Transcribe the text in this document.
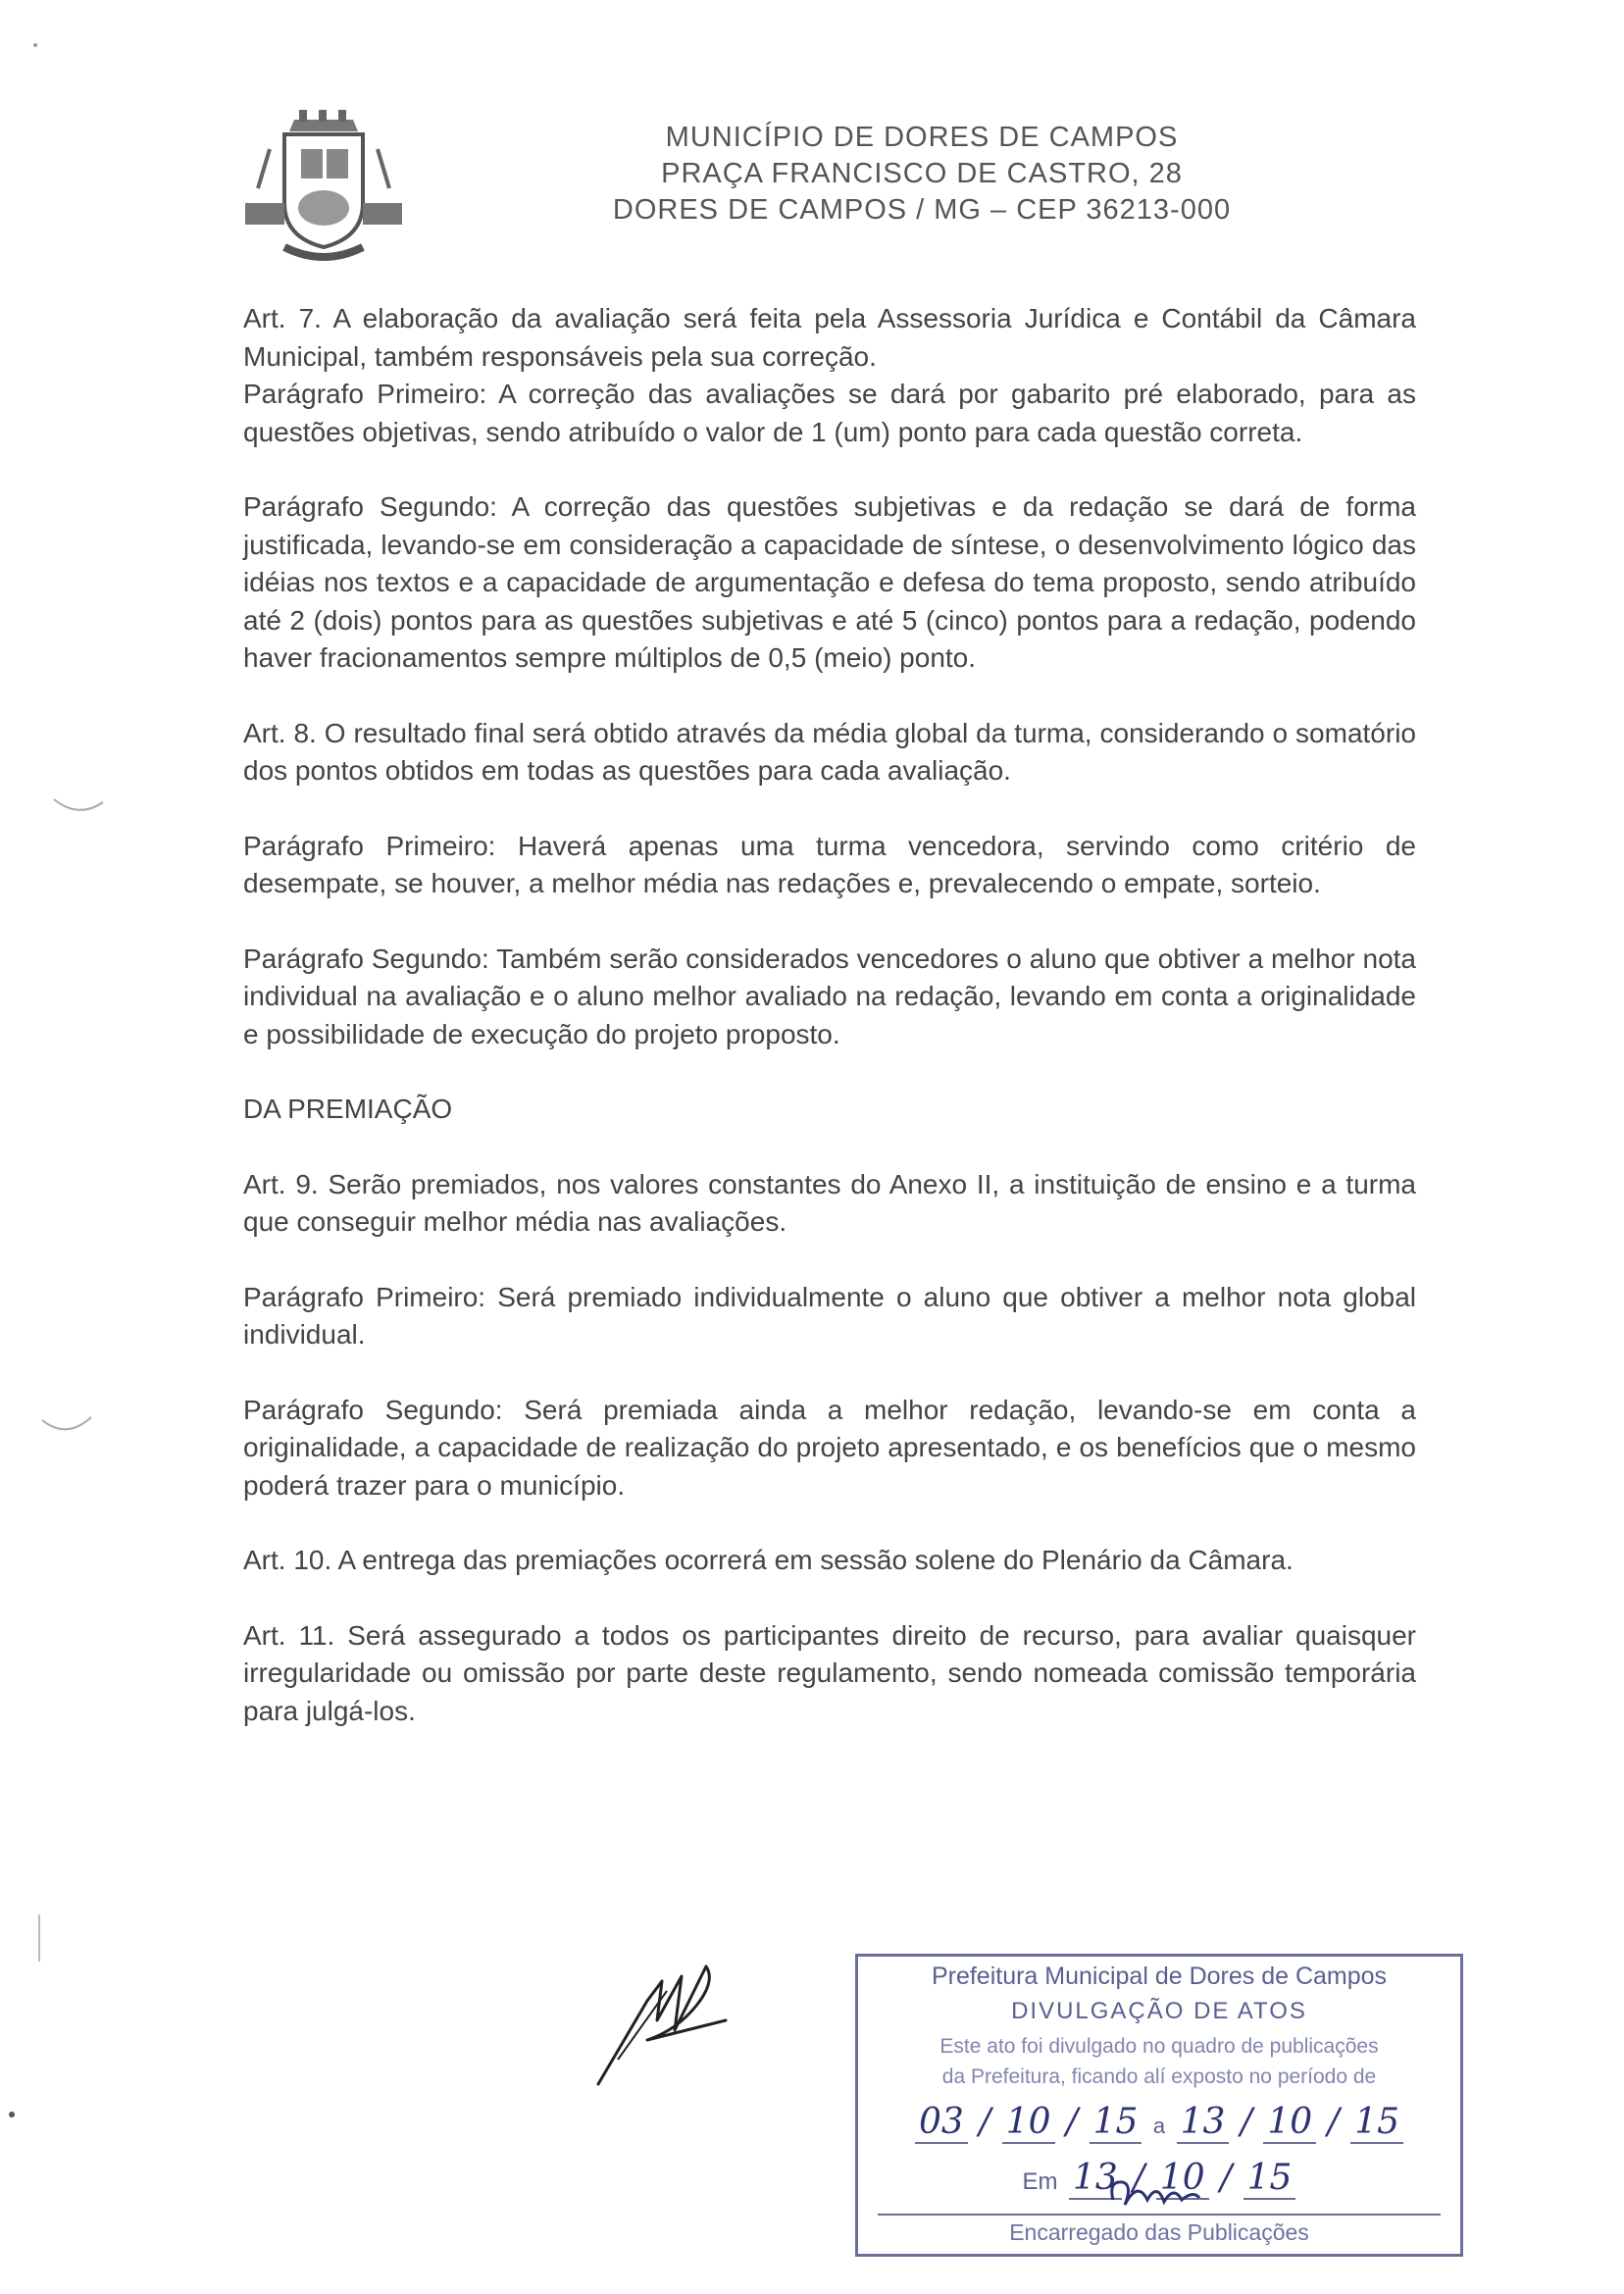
MUNICÍPIO DE DORES DE CAMPOS
PRAÇA FRANCISCO DE CASTRO, 28
DORES DE CAMPOS / MG – CEP 36213-000

Art. 7. A elaboração da avaliação será feita pela Assessoria Jurídica e Contábil da Câmara Municipal, também responsáveis pela sua correção.

Parágrafo Primeiro: A correção das avaliações se dará por gabarito pré elaborado, para as questões objetivas, sendo atribuído o valor de 1 (um) ponto para cada questão correta.

Parágrafo Segundo: A correção das questões subjetivas e da redação se dará de forma justificada, levando-se em consideração a capacidade de síntese, o desenvolvimento lógico das idéias nos textos e a capacidade de argumentação e defesa do tema proposto, sendo atribuído até 2 (dois) pontos para as questões subjetivas e até 5 (cinco) pontos para a redação, podendo haver fracionamentos sempre múltiplos de 0,5 (meio) ponto.

Art. 8. O resultado final será obtido através da média global da turma, considerando o somatório dos pontos obtidos em todas as questões para cada avaliação.

Parágrafo Primeiro: Haverá apenas uma turma vencedora, servindo como critério de desempate, se houver, a melhor média nas redações e, prevalecendo o empate, sorteio.

Parágrafo Segundo: Também serão considerados vencedores o aluno que obtiver a melhor nota individual na avaliação e o aluno melhor avaliado na redação, levando em conta a originalidade e possibilidade de execução do projeto proposto.

DA PREMIAÇÃO

Art. 9. Serão premiados, nos valores constantes do Anexo II, a instituição de ensino e a turma que conseguir melhor média nas avaliações.

Parágrafo Primeiro: Será premiado individualmente o aluno que obtiver a melhor nota global individual.

Parágrafo Segundo: Será premiada ainda a melhor redação, levando-se em conta a originalidade, a capacidade de realização do projeto apresentado, e os benefícios que o mesmo poderá trazer para o município.

Art. 10. A entrega das premiações ocorrerá em sessão solene do Plenário da Câmara.

Art. 11. Será assegurado a todos os participantes direito de recurso, para avaliar quaisquer irregularidade ou omissão por parte deste regulamento, sendo nomeada comissão temporária para julgá-los.

Prefeitura Municipal de Dores de Campos
DIVULGAÇÃO DE ATOS
Este ato foi divulgado no quadro de publicações
da Prefeitura, ficando alí exposto no período de
03 / 10 / 15 a 13 / 10 / 15
Em 13 / 10 / 15
Encarregado das Publicações
